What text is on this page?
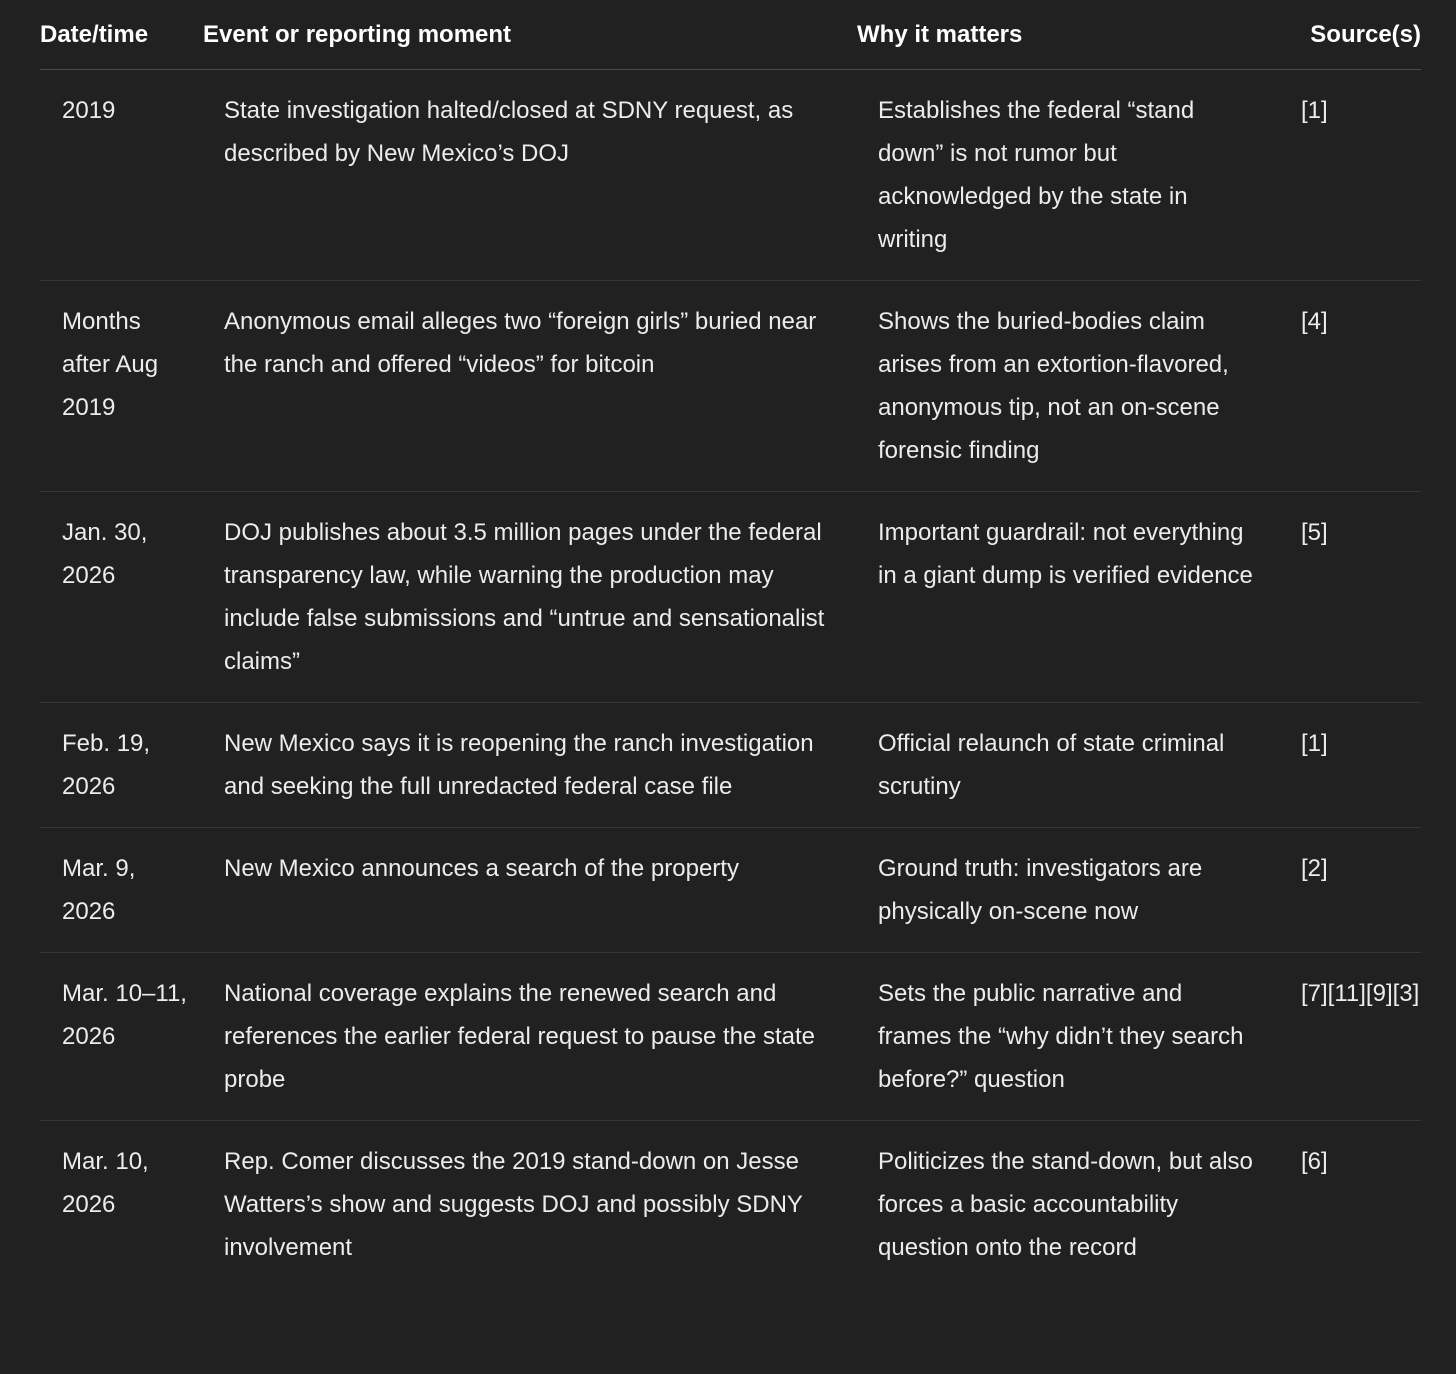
Date/time	Event or reporting moment	Why it matters	Source(s)

2019	State investigation halted/closed at SDNY request, as described by New Mexico’s DOJ	Establishes the federal “stand down” is not rumor but acknowledged by the state in writing	[1]

Months after Aug 2019	Anonymous email alleges two “foreign girls” buried near the ranch and offered “videos” for bitcoin	Shows the buried-bodies claim arises from an extortion-flavored, anonymous tip, not an on-scene forensic finding	[4]

Jan. 30, 2026	DOJ publishes about 3.5 million pages under the federal transparency law, while warning the production may include false submissions and “untrue and sensationalist claims”	Important guardrail: not everything in a giant dump is verified evidence	[5]

Feb. 19, 2026	New Mexico says it is reopening the ranch investigation and seeking the full unredacted federal case file	Official relaunch of state criminal scrutiny	[1]

Mar. 9, 2026	New Mexico announces a search of the property	Ground truth: investigators are physically on-scene now	[2]

Mar. 10–11, 2026	National coverage explains the renewed search and references the earlier federal request to pause the state probe	Sets the public narrative and frames the “why didn’t they search before?” question	[7][11][9][3]

Mar. 10, 2026	Rep. Comer discusses the 2019 stand-down on Jesse Watters’s show and suggests DOJ and possibly SDNY involvement	Politicizes the stand-down, but also forces a basic accountability question onto the record	[6]
